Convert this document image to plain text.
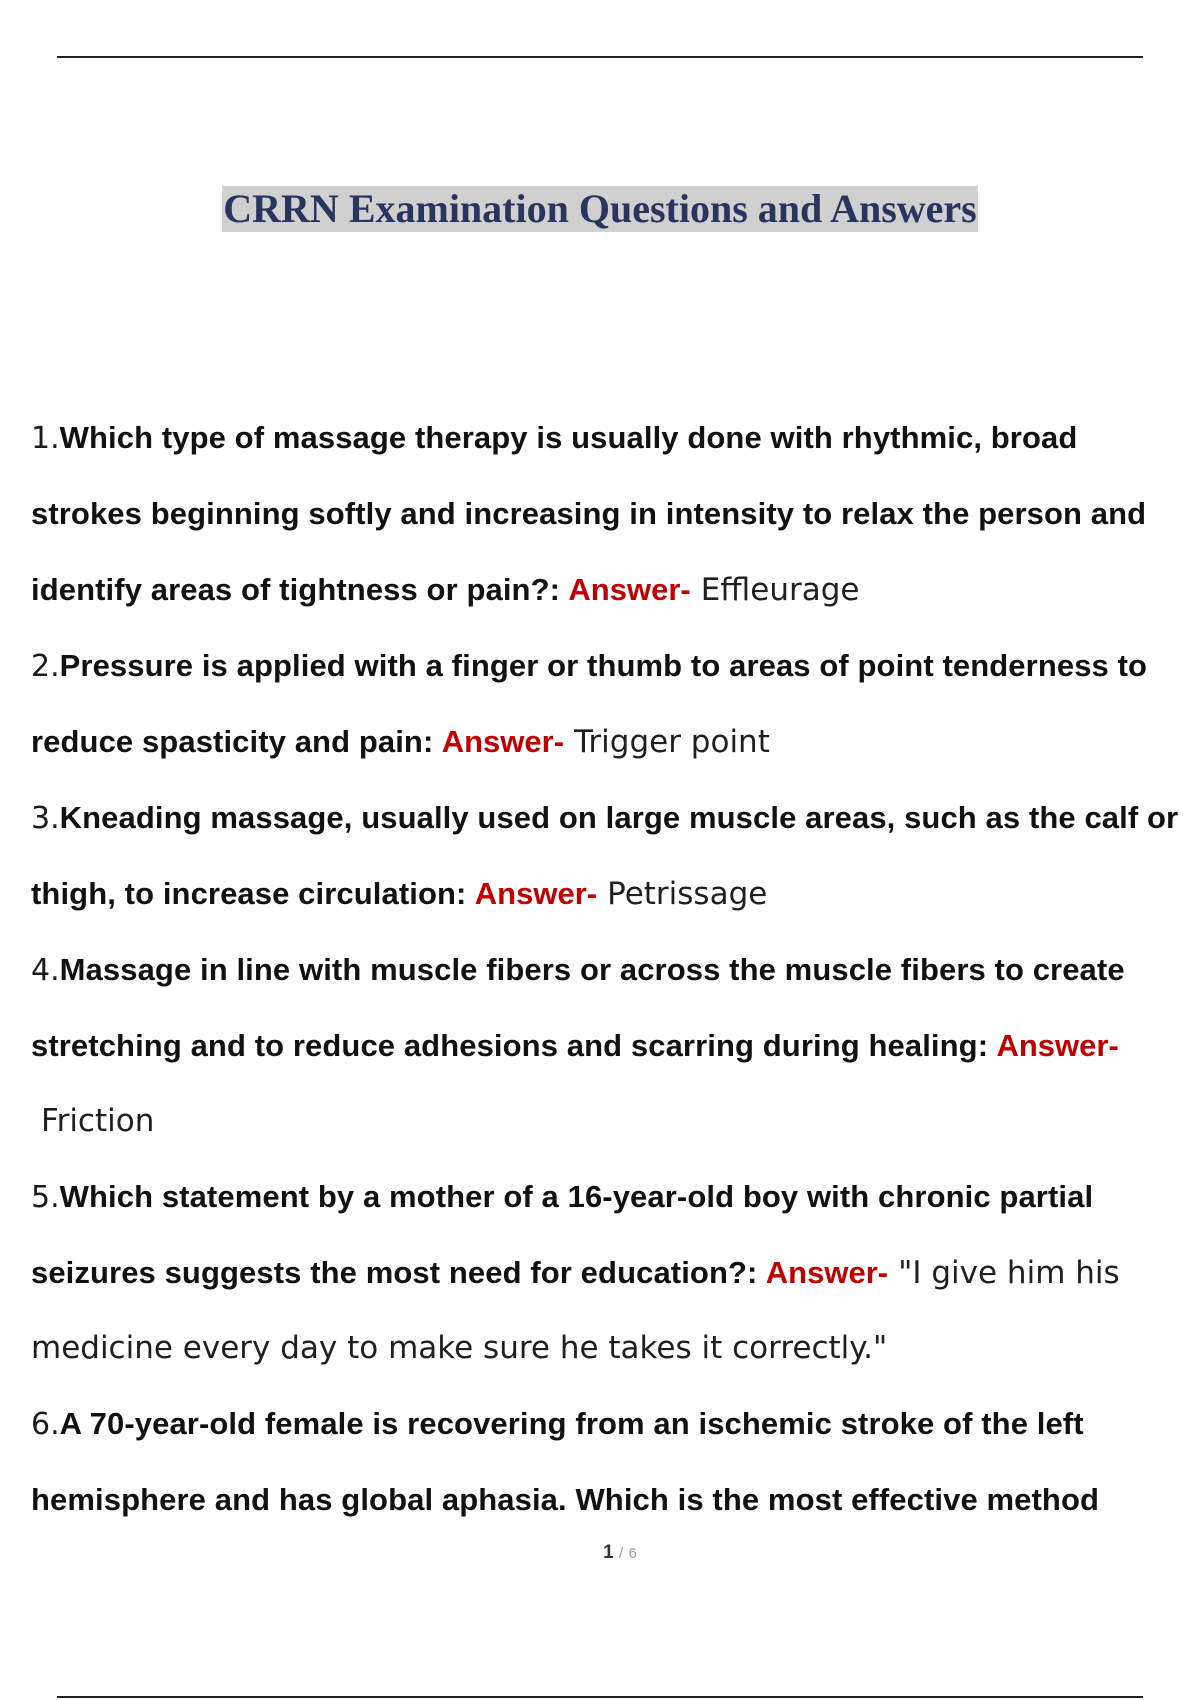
CRRN Examination Questions and Answers
1.Which type of massage therapy is usually done with rhythmic, broad strokes beginning softly and increasing in intensity to relax the person and identify areas of tightness or pain?: Answer- Effleurage
2.Pressure is applied with a finger or thumb to areas of point tenderness to reduce spasticity and pain: Answer- Trigger point
3.Kneading massage, usually used on large muscle areas, such as the calf or thigh, to increase circulation: Answer- Petrissage
4.Massage in line with muscle fibers or across the muscle fibers to create stretching and to reduce adhesions and scarring during healing: Answer-Friction
5.Which statement by a mother of a 16-year-old boy with chronic partial seizures suggests the most need for education?: Answer- "I give him his medicine every day to make sure he takes it correctly."
6.A 70-year-old female is recovering from an ischemic stroke of the left hemisphere and has global aphasia. Which is the most effective method
1 / 6
